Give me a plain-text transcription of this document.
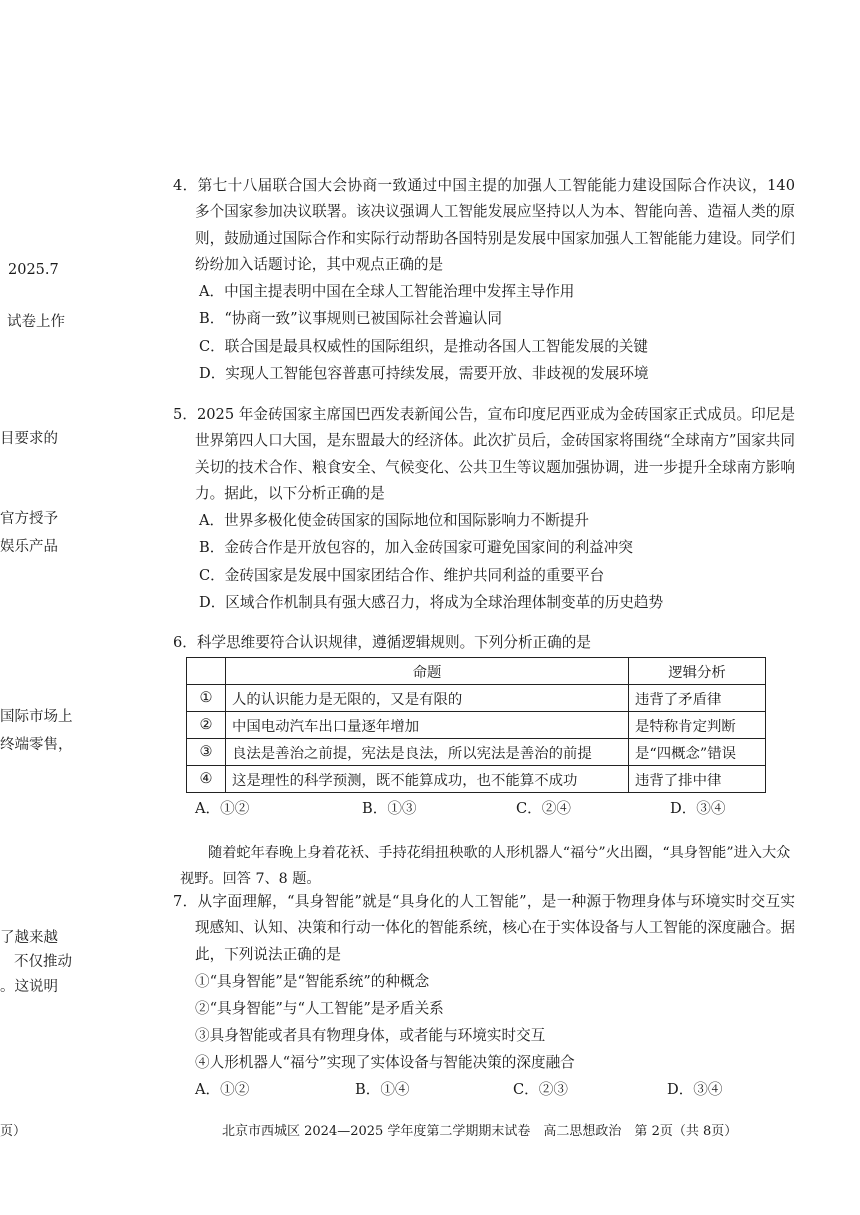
2025.7
试卷上作
目要求的
官方授予
娱乐产品
国际市场上
终端零售，
了越来越
不仅推动
。这说明
页）

4．第七十八届联合国大会协商一致通过中国主提的加强人工智能能力建设国际合作决议，140 多个国家参加决议联署。该决议强调人工智能发展应坚持以人为本、智能向善、造福人类的原则，鼓励通过国际合作和实际行动帮助各国特别是发展中国家加强人工智能能力建设。同学们纷纷加入话题讨论，其中观点正确的是

A．中国主提表明中国在全球人工智能治理中发挥主导作用

B．“协商一致”议事规则已被国际社会普遍认同

C．联合国是最具权威性的国际组织，是推动各国人工智能发展的关键

D．实现人工智能包容普惠可持续发展，需要开放、非歧视的发展环境

5．2025 年金砖国家主席国巴西发表新闻公告，宣布印度尼西亚成为金砖国家正式成员。印尼是世界第四人口大国，是东盟最大的经济体。此次扩员后，金砖国家将围绕“全球南方”国家共同关切的技术合作、粮食安全、气候变化、公共卫生等议题加强协调，进一步提升全球南方影响力。据此，以下分析正确的是

A．世界多极化使金砖国家的国际地位和国际影响力不断提升

B．金砖合作是开放包容的，加入金砖国家可避免国家间的利益冲突

C．金砖国家是发展中国家团结合作、维护共同利益的重要平台

D．区域合作机制具有强大感召力，将成为全球治理体制变革的历史趋势

6．科学思维要符合认识规律，遵循逻辑规则。下列分析正确的是

	命题	逻辑分析
①	人的认识能力是无限的，又是有限的	违背了矛盾律
②	中国电动汽车出口量逐年增加	是特称肯定判断
③	良法是善治之前提，宪法是良法，所以宪法是善治的前提	是“四概念”错误
④	这是理性的科学预测，既不能算成功，也不能算不成功	违背了排中律
A．①②	B．①③	C．②④	D．③④

随着蛇年春晚上身着花袄、手持花绢扭秧歌的人形机器人“福兮”火出圈，“具身智能”进入大众视野。回答 7、8 题。

7．从字面理解，“具身智能”就是“具身化的人工智能”，是一种源于物理身体与环境实时交互实现感知、认知、决策和行动一体化的智能系统，核心在于实体设备与人工智能的深度融合。据此，下列说法正确的是

①“具身智能”是“智能系统”的种概念

②“具身智能”与“人工智能”是矛盾关系

③具身智能或者具有物理身体，或者能与环境实时交互

④人形机器人“福兮”实现了实体设备与智能决策的深度融合

A．①②	B．①④	C．②③	D．③④
北京市西城区 2024—2025 学年度第二学期期末试卷　高二思想政治　第 2页（共 8页）
